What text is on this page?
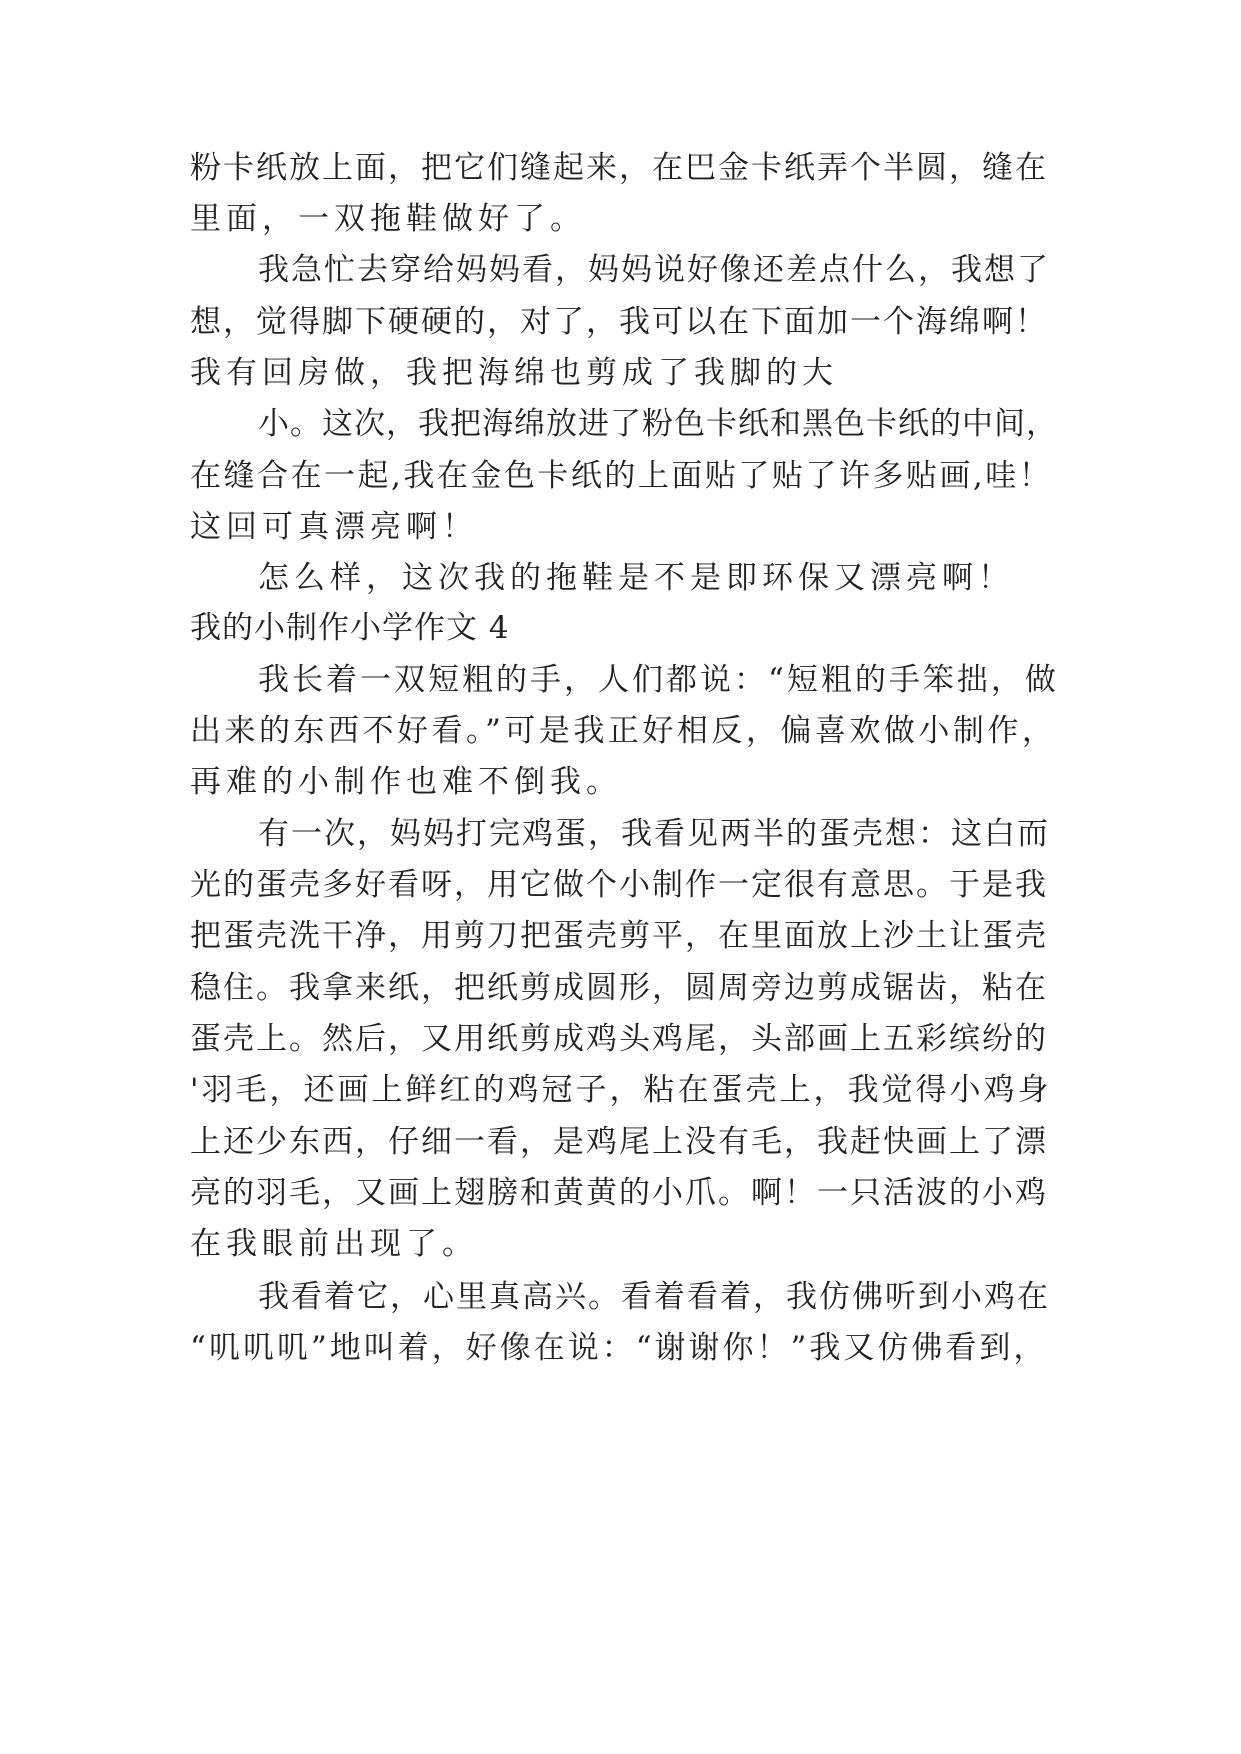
粉卡纸放上面，把它们缝起来，在巴金卡纸弄个半圆，缝在
里面，一双拖鞋做好了。
我急忙去穿给妈妈看，妈妈说好像还差点什么，我想了
想，觉得脚下硬硬的，对了，我可以在下面加一个海绵啊！
我有回房做，我把海绵也剪成了我脚的大
小。这次，我把海绵放进了粉色卡纸和黑色卡纸的中间，
在缝合在一起,我在金色卡纸的上面贴了贴了许多贴画,哇！
这回可真漂亮啊！
怎么样，这次我的拖鞋是不是即环保又漂亮啊！
我的小制作小学作文 4
我长着一双短粗的手，人们都说：“短粗的手笨拙，做
出来的东西不好看。”可是我正好相反，偏喜欢做小制作，
再难的小制作也难不倒我。
有一次，妈妈打完鸡蛋，我看见两半的蛋壳想：这白而
光的蛋壳多好看呀，用它做个小制作一定很有意思。于是我
把蛋壳洗干净，用剪刀把蛋壳剪平，在里面放上沙土让蛋壳
稳住。我拿来纸，把纸剪成圆形，圆周旁边剪成锯齿，粘在
蛋壳上。然后，又用纸剪成鸡头鸡尾，头部画上五彩缤纷的
'羽毛，还画上鲜红的鸡冠子，粘在蛋壳上，我觉得小鸡身
上还少东西，仔细一看，是鸡尾上没有毛，我赶快画上了漂
亮的羽毛，又画上翅膀和黄黄的小爪。啊！一只活波的小鸡
在我眼前出现了。
我看着它，心里真高兴。看着看着，我仿佛听到小鸡在
“叽叽叽”地叫着，好像在说：“谢谢你！”我又仿佛看到，
